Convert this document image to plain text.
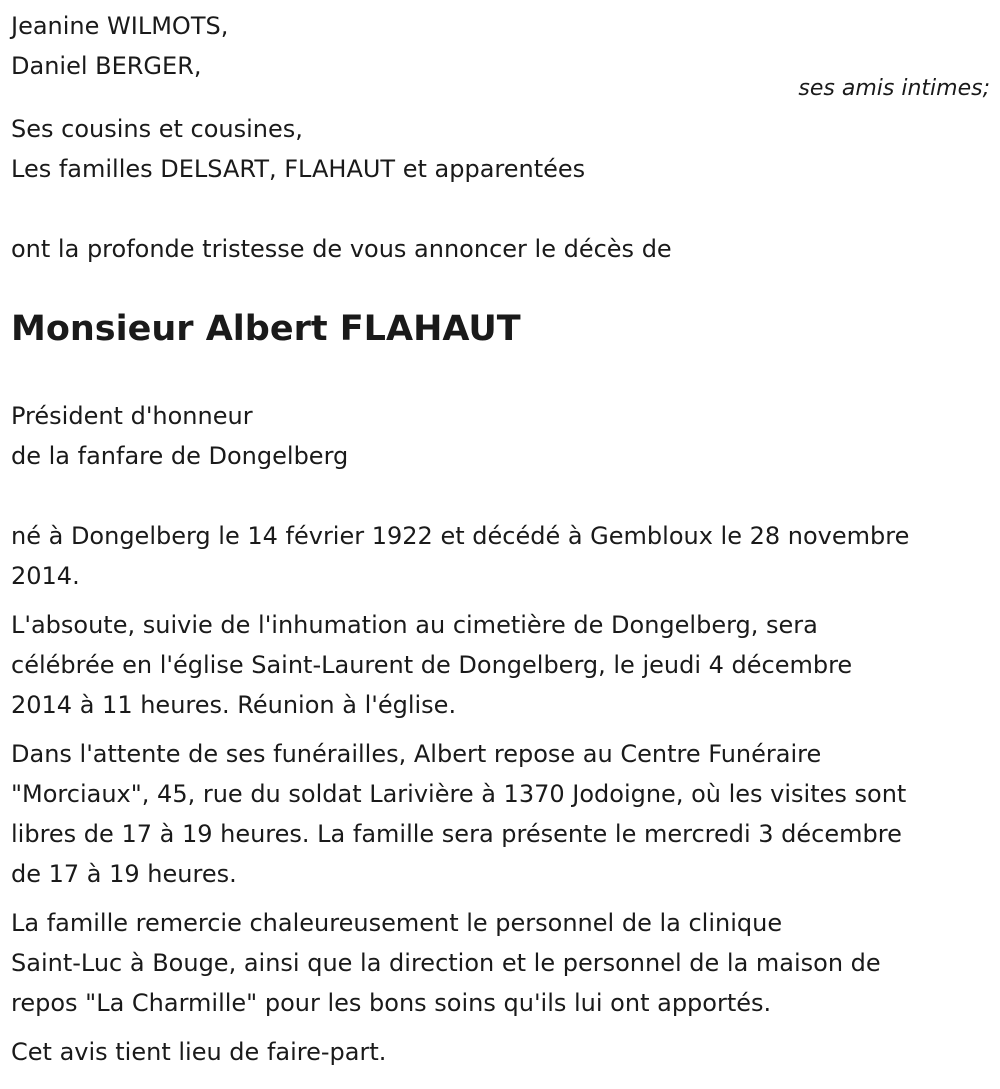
Jeanine WILMOTS,
Daniel BERGER,
ses amis intimes;
Ses cousins et cousines,
Les familles DELSART, FLAHAUT et apparentées
ont la profonde tristesse de vous annoncer le décès de
Monsieur Albert FLAHAUT
Président d'honneur
de la fanfare de Dongelberg
né à Dongelberg le 14 février 1922 et décédé à Gembloux le 28 novembre
2014.
L'absoute, suivie de l'inhumation au cimetière de Dongelberg, sera
célébrée en l'église Saint-Laurent de Dongelberg, le jeudi 4 décembre
2014 à 11 heures. Réunion à l'église.
Dans l'attente de ses funérailles, Albert repose au Centre Funéraire
"Morciaux", 45, rue du soldat Larivière à 1370 Jodoigne, où les visites sont
libres de 17 à 19 heures. La famille sera présente le mercredi 3 décembre
de 17 à 19 heures.
La famille remercie chaleureusement le personnel de la clinique
Saint-Luc à Bouge, ainsi que la direction et le personnel de la maison de
repos "La Charmille" pour les bons soins qu'ils lui ont apportés.
Cet avis tient lieu de faire-part.
